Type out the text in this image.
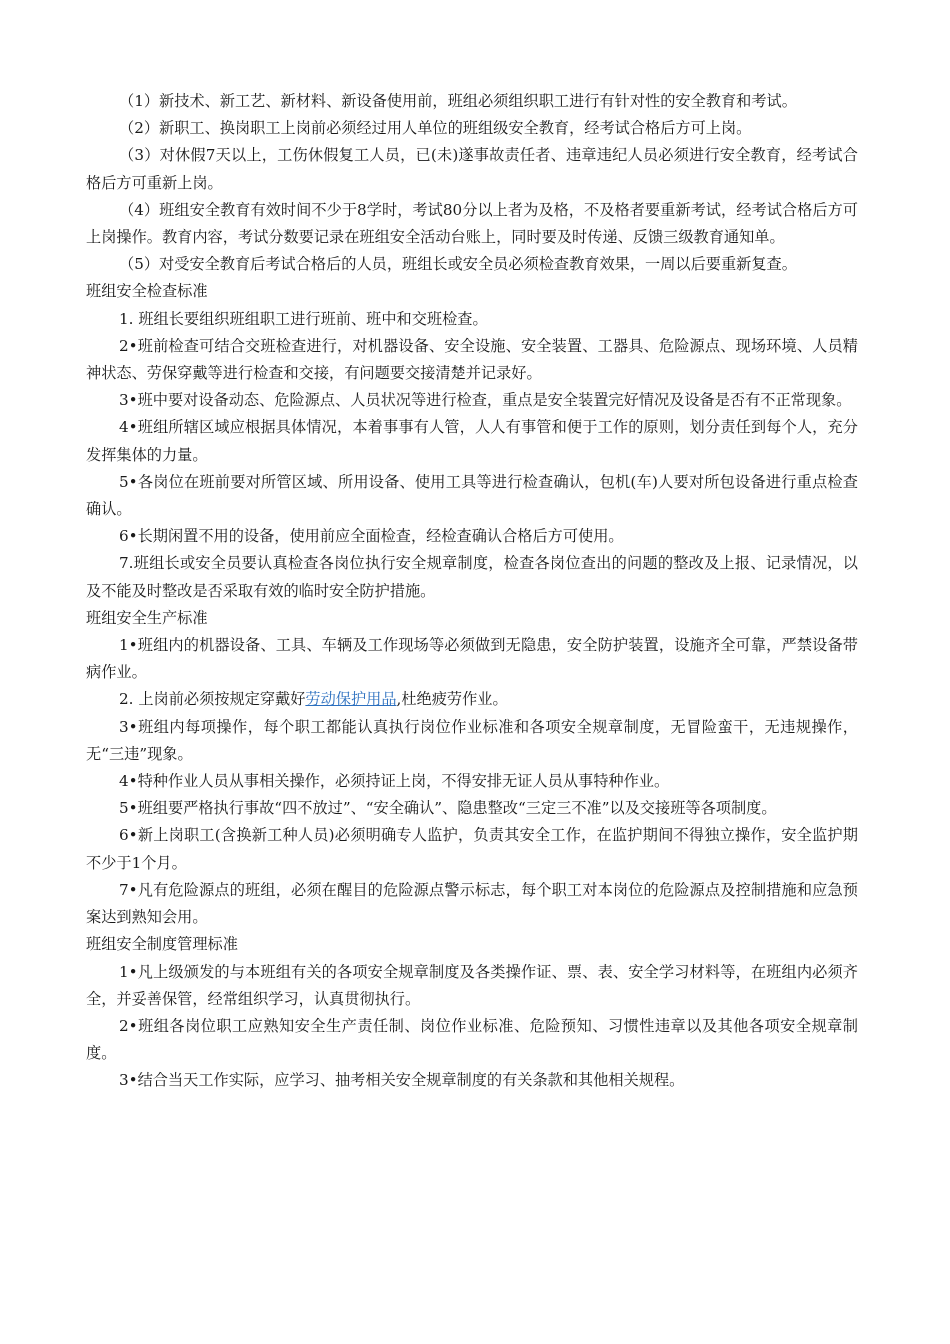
（1）新技术、新工艺、新材料、新设备使用前，班组必须组织职工进行有针对性的安全教育和考试。

（2）新职工、换岗职工上岗前必须经过用人单位的班组级安全教育，经考试合格后方可上岗。

（3）对休假7天以上，工伤休假复工人员，已(未)遂事故责任者、违章违纪人员必须进行安全教育，经考试合格后方可重新上岗。

（4）班组安全教育有效时间不少于8学时，考试80分以上者为及格，不及格者要重新考试，经考试合格后方可上岗操作。教育内容，考试分数要记录在班组安全活动台账上，同时要及时传递、反馈三级教育通知单。

（5）对受安全教育后考试合格后的人员，班组长或安全员必须检查教育效果，一周以后要重新复查。

班组安全检查标准

1. 班组长要组织班组职工进行班前、班中和交班检查。

2•班前检查可结合交班检查进行，对机器设备、安全设施、安全装置、工器具、危险源点、现场环境、人员精神状态、劳保穿戴等进行检查和交接，有问题要交接清楚并记录好。

3•班中要对设备动态、危险源点、人员状况等进行检查，重点是安全装置完好情况及设备是否有不正常现象。

4•班组所辖区域应根据具体情况，本着事事有人管，人人有事管和便于工作的原则，划分责任到每个人，充分发挥集体的力量。

5•各岗位在班前要对所管区域、所用设备、使用工具等进行检查确认，包机(车)人要对所包设备进行重点检查确认。

6•长期闲置不用的设备，使用前应全面检查，经检查确认合格后方可使用。

7.班组长或安全员要认真检查各岗位执行安全规章制度，检查各岗位查出的问题的整改及上报、记录情况，以及不能及时整改是否采取有效的临时安全防护措施。

班组安全生产标准

1•班组内的机器设备、工具、车辆及工作现场等必须做到无隐患，安全防护装置，设施齐全可靠，严禁设备带病作业。

2. 上岗前必须按规定穿戴好劳动保护用品,杜绝疲劳作业。

3•班组内每项操作，每个职工都能认真执行岗位作业标准和各项安全规章制度，无冒险蛮干，无违规操作，无“三违”现象。

4•特种作业人员从事相关操作，必须持证上岗，不得安排无证人员从事特种作业。

5•班组要严格执行事故“四不放过”、“安全确认”、隐患整改“三定三不准”以及交接班等各项制度。

6•新上岗职工(含换新工种人员)必须明确专人监护，负责其安全工作，在监护期间不得独立操作，安全监护期不少于1个月。

7•凡有危险源点的班组，必须在醒目的危险源点警示标志，每个职工对本岗位的危险源点及控制措施和应急预案达到熟知会用。

班组安全制度管理标准

1•凡上级颁发的与本班组有关的各项安全规章制度及各类操作证、票、表、安全学习材料等，在班组内必须齐全，并妥善保管，经常组织学习，认真贯彻执行。

2•班组各岗位职工应熟知安全生产责任制、岗位作业标准、危险预知、习惯性违章以及其他各项安全规章制度。

3•结合当天工作实际，应学习、抽考相关安全规章制度的有关条款和其他相关规程。
